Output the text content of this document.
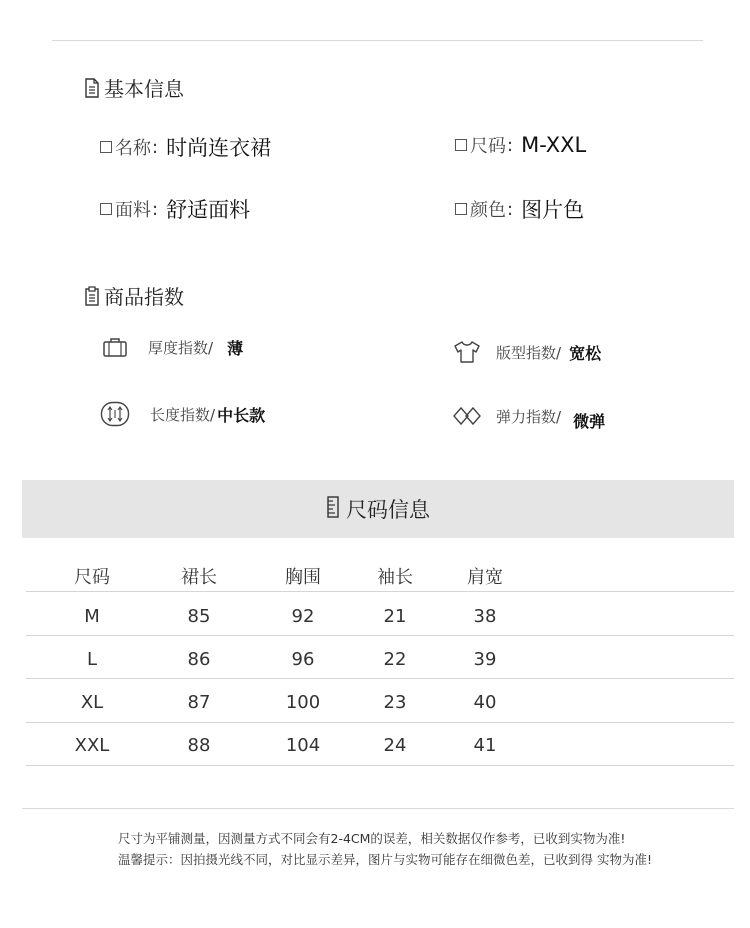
基本信息
名称 : 时尚连衣裙	尺码 : M-XXL
面料 : 舒适面料	颜色 : 图片色
商品指数
厚度指数/ 薄	版型指数/ 宽松
长度指数/ 中长款	弹力指数/ 微弹
尺码信息
尺码	裙长	胸围	袖长	肩宽
M	85	92	21	38
L	86	96	22	39
XL	87	100	23	40
XXL	88	104	24	41
尺寸为平铺测量，因测量方式不同会有2-4CM的误差，相关数据仅作参考，已收到实物为准!
温馨提示：因拍摄光线不同，对比显示差异，图片与实物可能存在细微色差，已收到得 实物为准!
